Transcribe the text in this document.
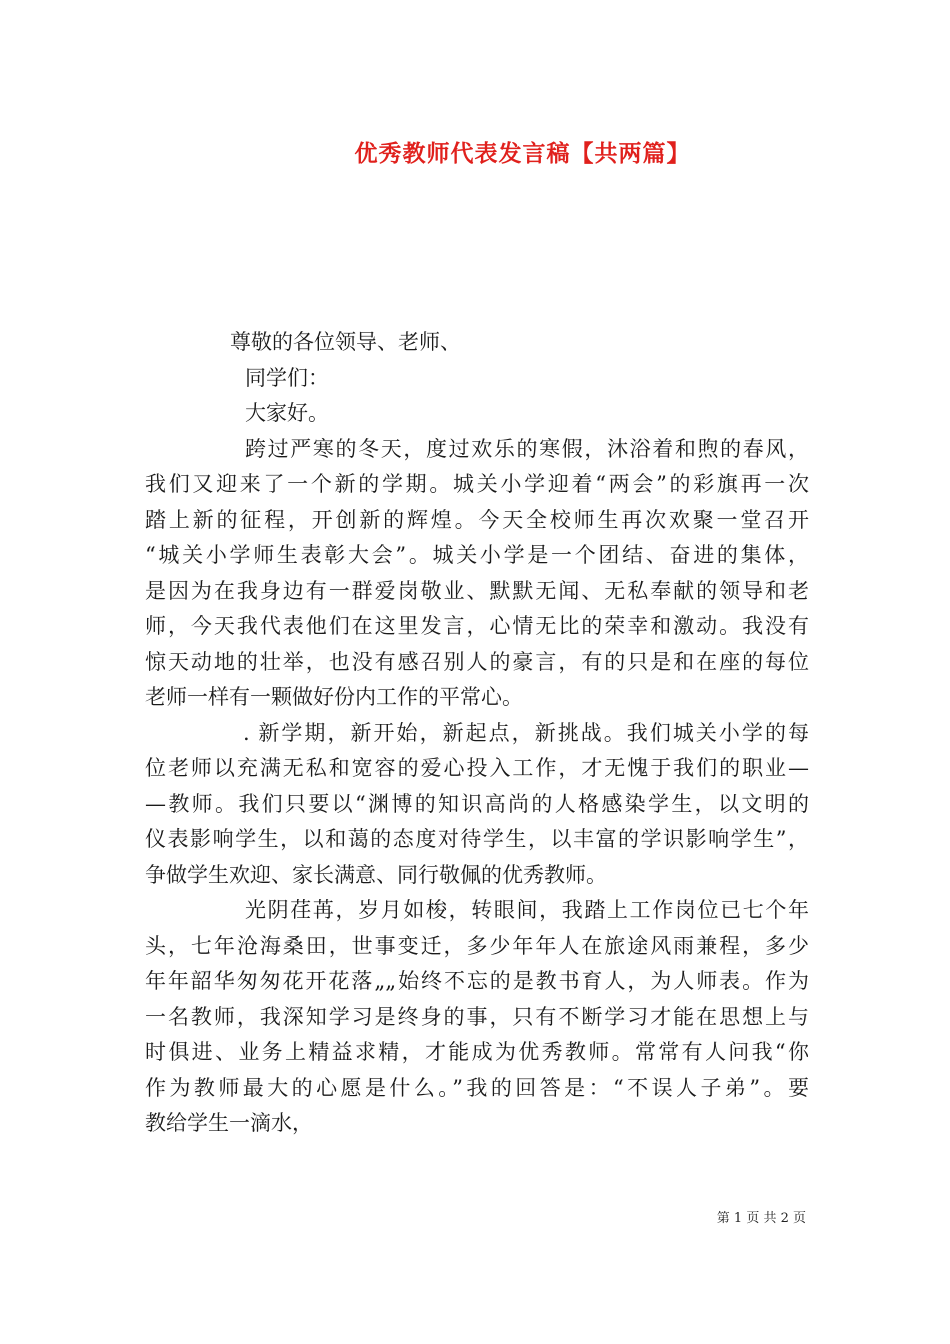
优秀教师代表发言稿【共两篇】
尊敬的各位领导、老师、
同学们：
大家好。
跨过严寒的冬天，度过欢乐的寒假，沐浴着和煦的春风，
我们又迎来了一个新的学期。城关小学迎着“两会”的彩旗再一次
踏上新的征程，开创新的辉煌。今天全校师生再次欢聚一堂召开
“城关小学师生表彰大会”。城关小学是一个团结、奋进的集体，
是因为在我身边有一群爱岗敬业、默默无闻、无私奉献的领导和老
师，今天我代表他们在这里发言，心情无比的荣幸和激动。我没有
惊天动地的壮举，也没有感召别人的豪言，有的只是和在座的每位
老师一样有一颗做好份内工作的平常心。
. 新学期，新开始，新起点，新挑战。我们城关小学的每
位老师以充满无私和宽容的爱心投入工作，才无愧于我们的职业—
—教师。我们只要以“渊博的知识高尚的人格感染学生，以文明的
仪表影响学生，以和蔼的态度对待学生，以丰富的学识影响学生”，
争做学生欢迎、家长满意、同行敬佩的优秀教师。
光阴荏苒，岁月如梭，转眼间，我踏上工作岗位已七个年
头，七年沧海桑田，世事变迁，多少年年人在旅途风雨兼程，多少
年年韶华匆匆花开花落„„始终不忘的是教书育人，为人师表。作为
一名教师，我深知学习是终身的事，只有不断学习才能在思想上与
时俱进、业务上精益求精，才能成为优秀教师。常常有人问我“你
作为教师最大的心愿是什么。”我的回答是：“不误人子弟”。要
教给学生一滴水，
第 1 页 共 2 页
